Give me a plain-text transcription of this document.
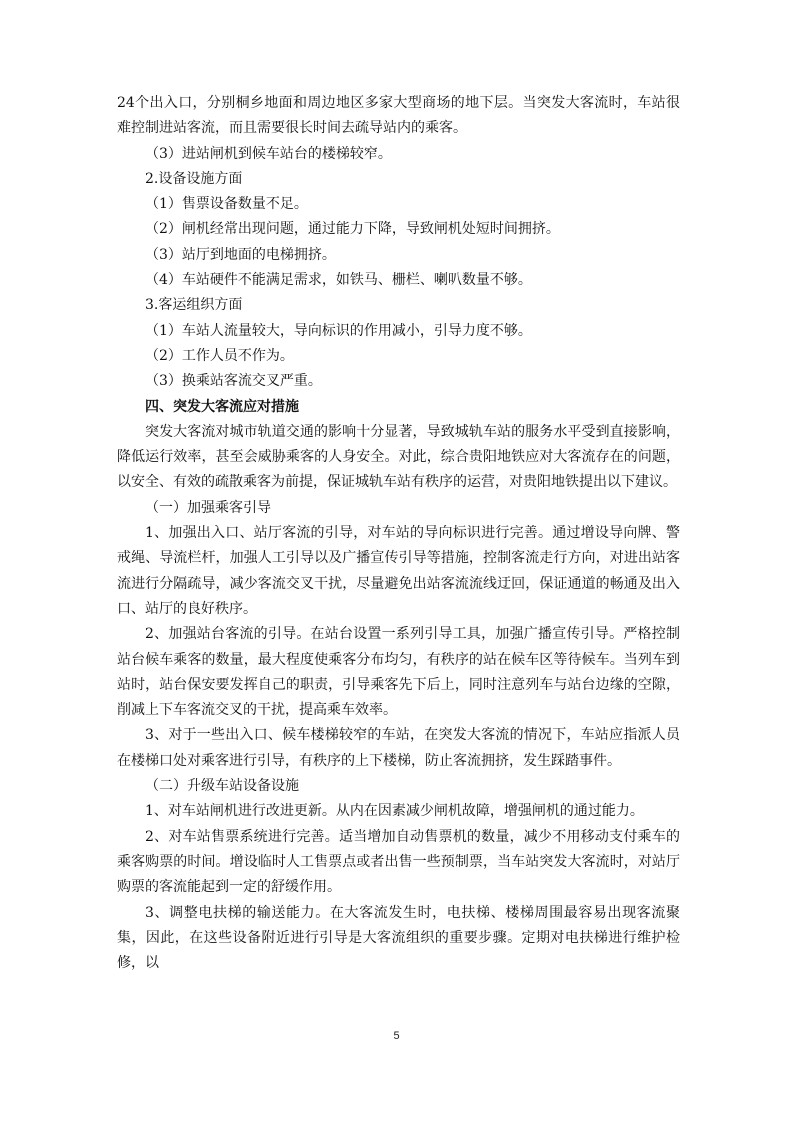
24个出入口，分别桐乡地面和周边地区多家大型商场的地下层。当突发大客流时，车站很难控制进站客流，而且需要很长时间去疏导站内的乘客。

（3）进站闸机到候车站台的楼梯较窄。

2.设备设施方面

（1）售票设备数量不足。

（2）闸机经常出现问题，通过能力下降，导致闸机处短时间拥挤。

（3）站厅到地面的电梯拥挤。

（4）车站硬件不能满足需求，如铁马、栅栏、喇叭数量不够。

3.客运组织方面

（1）车站人流量较大，导向标识的作用减小，引导力度不够。

（2）工作人员不作为。

（3）换乘站客流交叉严重。

四、突发大客流应对措施

突发大客流对城市轨道交通的影响十分显著，导致城轨车站的服务水平受到直接影响，降低运行效率，甚至会威胁乘客的人身安全。对此，综合贵阳地铁应对大客流存在的问题，以安全、有效的疏散乘客为前提，保证城轨车站有秩序的运营，对贵阳地铁提出以下建议。

（一）加强乘客引导

1、加强出入口、站厅客流的引导，对车站的导向标识进行完善。通过增设导向牌、警戒绳、导流栏杆，加强人工引导以及广播宣传引导等措施，控制客流走行方向，对进出站客流进行分隔疏导，减少客流交叉干扰，尽量避免出站客流流线迂回，保证通道的畅通及出入口、站厅的良好秩序。

2、加强站台客流的引导。在站台设置一系列引导工具，加强广播宣传引导。严格控制站台候车乘客的数量，最大程度使乘客分布均匀，有秩序的站在候车区等待候车。当列车到站时，站台保安要发挥自己的职责，引导乘客先下后上，同时注意列车与站台边缘的空隙，削减上下车客流交叉的干扰，提高乘车效率。

3、对于一些出入口、候车楼梯较窄的车站，在突发大客流的情况下，车站应指派人员在楼梯口处对乘客进行引导，有秩序的上下楼梯，防止客流拥挤，发生踩踏事件。

（二）升级车站设备设施

1、对车站闸机进行改进更新。从内在因素减少闸机故障，增强闸机的通过能力。

2、对车站售票系统进行完善。适当增加自动售票机的数量，减少不用移动支付乘车的乘客购票的时间。增设临时人工售票点或者出售一些预制票，当车站突发大客流时，对站厅购票的客流能起到一定的舒缓作用。

3、调整电扶梯的输送能力。在大客流发生时，电扶梯、楼梯周围最容易出现客流聚集，因此，在这些设备附近进行引导是大客流组织的重要步骤。定期对电扶梯进行维护检修，以

5
